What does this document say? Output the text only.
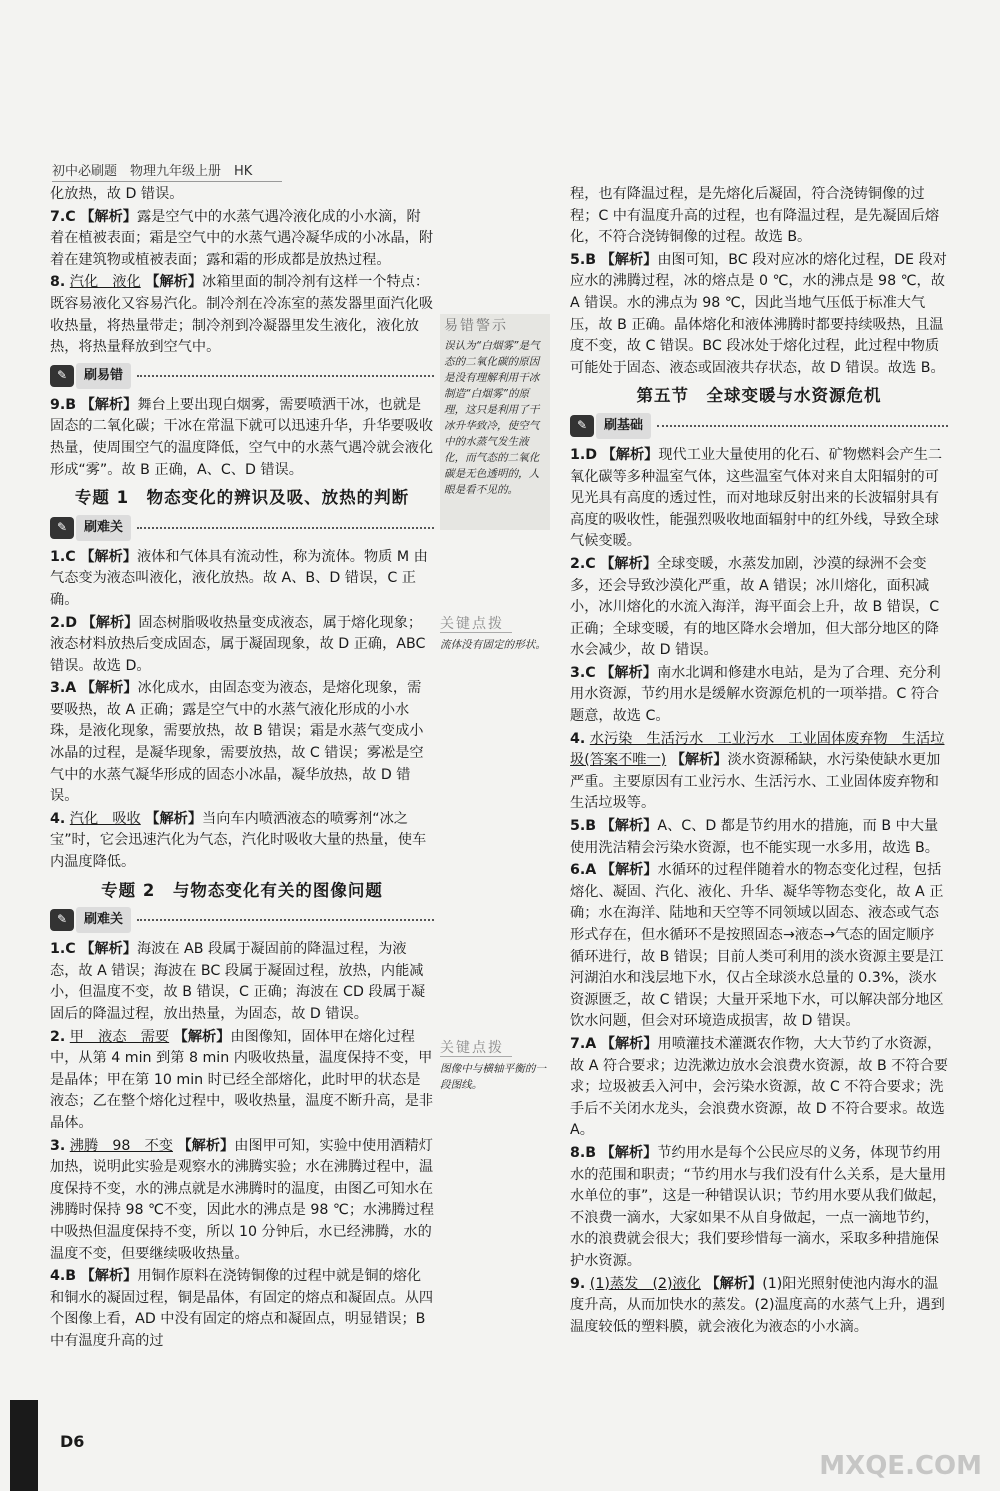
初中必刷题　物理九年级上册　HK
化放热，故 D 错误。
7.C 【解析】露是空气中的水蒸气遇冷液化成的小水滴，附着在植被表面；霜是空气中的水蒸气遇冷凝华成的小冰晶，附着在建筑物或植被表面；露和霜的形成都是放热过程。
8. 汽化　液化 【解析】冰箱里面的制冷剂有这样一个特点：既容易液化又容易汽化。制冷剂在冷冻室的蒸发器里面汽化吸收热量，将热量带走；制冷剂到冷凝器里发生液化，液化放热，将热量释放到空气中。
✎	刷易错
9.B 【解析】舞台上要出现白烟雾，需要喷洒干冰，也就是固态的二氧化碳；干冰在常温下就可以迅速升华，升华要吸收热量，使周围空气的温度降低，空气中的水蒸气遇冷就会液化形成“雾”。故 B 正确，A、C、D 错误。
专题 1　物态变化的辨识及吸、放热的判断
✎	刷难关
1.C 【解析】液体和气体具有流动性，称为流体。物质 M 由气态变为液态叫液化，液化放热。故 A、B、D 错误，C 正确。
2.D 【解析】固态树脂吸收热量变成液态，属于熔化现象；液态材料放热后变成固态，属于凝固现象，故 D 正确，ABC 错误。故选 D。
3.A 【解析】冰化成水，由固态变为液态，是熔化现象，需要吸热，故 A 正确；露是空气中的水蒸气液化形成的小水珠，是液化现象，需要放热，故 B 错误；霜是水蒸气变成小冰晶的过程，是凝华现象，需要放热，故 C 错误；雾凇是空气中的水蒸气凝华形成的固态小冰晶，凝华放热，故 D 错误。
4. 汽化　吸收 【解析】当向车内喷洒液态的喷雾剂“冰之宝”时，它会迅速汽化为气态，汽化时吸收大量的热量，使车内温度降低。
专题 2　与物态变化有关的图像问题
✎	刷难关
1.C 【解析】海波在 AB 段属于凝固前的降温过程，为液态，故 A 错误；海波在 BC 段属于凝固过程，放热，内能减小，但温度不变，故 B 错误，C 正确；海波在 CD 段属于凝固后的降温过程，放出热量，为固态，故 D 错误。
2. 甲　液态　需要 【解析】由图像知，固体甲在熔化过程中，从第 4 min 到第 8 min 内吸收热量，温度保持不变，甲是晶体；甲在第 10 min 时已经全部熔化，此时甲的状态是液态；乙在整个熔化过程中，吸收热量，温度不断升高，是非晶体。
3. 沸腾　98　不变 【解析】由图甲可知，实验中使用酒精灯加热，说明此实验是观察水的沸腾实验；水在沸腾过程中，温度保持不变，水的沸点就是水沸腾时的温度，由图乙可知水在沸腾时保持 98 ℃不变，因此水的沸点是 98 ℃；水沸腾过程中吸热但温度保持不变，所以 10 分钟后，水已经沸腾，水的温度不变，但要继续吸收热量。
4.B 【解析】用铜作原料在浇铸铜像的过程中就是铜的熔化和铜水的凝固过程，铜是晶体，有固定的熔点和凝固点。从四个图像上看，AD 中没有固定的熔点和凝固点，明显错误；B 中有温度升高的过
程，也有降温过程，是先熔化后凝固，符合浇铸铜像的过程；C 中有温度升高的过程，也有降温过程，是先凝固后熔化，不符合浇铸铜像的过程。故选 B。
5.B 【解析】由图可知，BC 段对应冰的熔化过程，DE 段对应水的沸腾过程，冰的熔点是 0 ℃，水的沸点是 98 ℃，故 A 错误。水的沸点为 98 ℃，因此当地气压低于标准大气压，故 B 正确。晶体熔化和液体沸腾时都要持续吸热，且温度不变，故 C 错误。BC 段冰处于熔化过程，此过程中物质可能处于固态、液态或固液共存状态，故 D 错误。故选 B。
第五节　全球变暖与水资源危机
✎	刷基础
1.D 【解析】现代工业大量使用的化石、矿物燃料会产生二氧化碳等多种温室气体，这些温室气体对来自太阳辐射的可见光具有高度的透过性，而对地球反射出来的长波辐射具有高度的吸收性，能强烈吸收地面辐射中的红外线，导致全球气候变暖。
2.C 【解析】全球变暖，水蒸发加剧，沙漠的绿洲不会变多，还会导致沙漠化严重，故 A 错误；冰川熔化，面积减小，冰川熔化的水流入海洋，海平面会上升，故 B 错误，C 正确；全球变暖，有的地区降水会增加，但大部分地区的降水会减少，故 D 错误。
3.C 【解析】南水北调和修建水电站，是为了合理、充分利用水资源，节约用水是缓解水资源危机的一项举措。C 符合题意，故选 C。
4. 水污染　生活污水　工业污水　工业固体废弃物　生活垃圾(答案不唯一) 【解析】淡水资源稀缺，水污染使缺水更加严重。主要原因有工业污水、生活污水、工业固体废弃物和生活垃圾等。
5.B 【解析】A、C、D 都是节约用水的措施，而 B 中大量使用洗洁精会污染水资源，也不能实现一水多用，故选 B。
6.A 【解析】水循环的过程伴随着水的物态变化过程，包括熔化、凝固、汽化、液化、升华、凝华等物态变化，故 A 正确；水在海洋、陆地和天空等不同领域以固态、液态或气态形式存在，但水循环不是按照固态→液态→气态的固定顺序循环进行，故 B 错误；目前人类可利用的淡水资源主要是江河湖泊水和浅层地下水，仅占全球淡水总量的 0.3%，淡水资源匮乏，故 C 错误；大量开采地下水，可以解决部分地区饮水问题，但会对环境造成损害，故 D 错误。
7.A 【解析】用喷灌技术灌溉农作物，大大节约了水资源，故 A 符合要求；边洗漱边放水会浪费水资源，故 B 不符合要求；垃圾被丢入河中，会污染水资源，故 C 不符合要求；洗手后不关闭水龙头，会浪费水资源，故 D 不符合要求。故选 A。
8.B 【解析】节约用水是每个公民应尽的义务，体现节约用水的范围和职责；“节约用水与我们没有什么关系，是大量用水单位的事”，这是一种错误认识；节约用水要从我们做起，不浪费一滴水，大家如果不从自身做起，一点一滴地节约，水的浪费就会很大；我们要珍惜每一滴水，采取多种措施保护水资源。
9. (1)蒸发　(2)液化 【解析】(1)阳光照射使池内海水的温度升高，从而加快水的蒸发。(2)温度高的水蒸气上升，遇到温度较低的塑料膜，就会液化为液态的小水滴。
易错警示
误认为“白烟雾”是气态的二氧化碳的原因是没有理解利用干冰制造“白烟雾”的原理，这只是利用了干冰升华致冷，使空气中的水蒸气发生液化，而气态的二氧化碳是无色透明的，人眼是看不见的。
关键点拨
流体没有固定的形状。
关键点拨
图像中与横轴平衡的一段图线。
D6
MXQE.COM
